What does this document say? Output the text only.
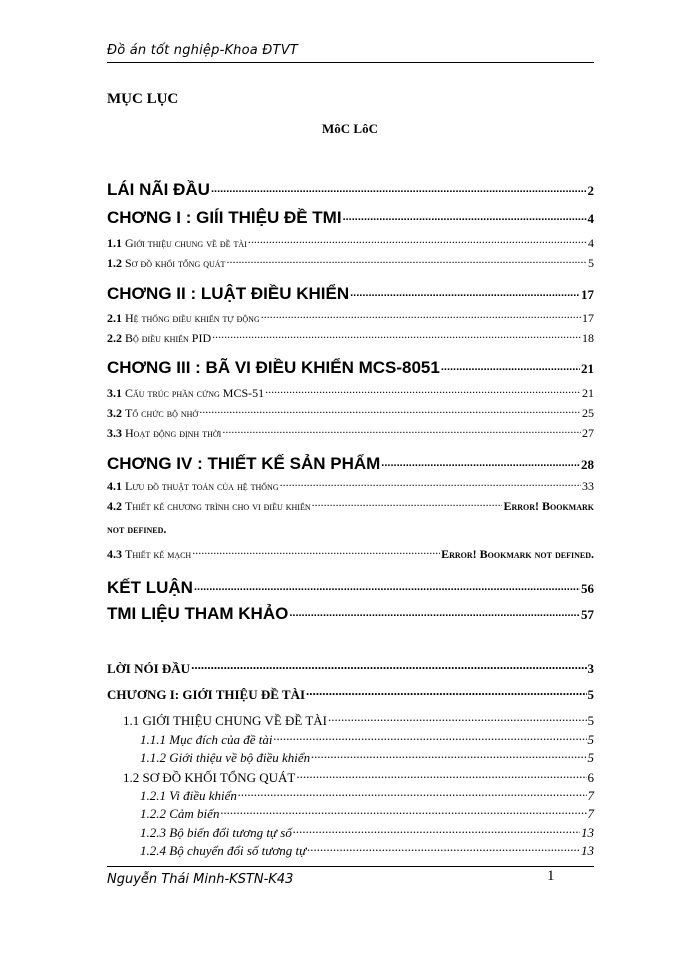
Đồ án tốt nghiệp-Khoa ĐTVT
MỤC LỤC
MôC LôC
LÁI NÃI ĐẦU .....	2
CHƠNG I : GIÍI THIỆU ĐỀ TMI .....	4
1.1 Giới thiệu chung về đề tài .....	4
1.2 Sơ đồ khối tổng quát .....	5
CHƠNG II : LUẬT ĐIỀU KHIỂN .....	17
2.1 Hệ thống điều khiển tự động .....	17
2.2 Bộ điều khiển PID .....	18
CHƠNG III : BÃ VI ĐIỀU KHIỂN MCS-8051 .....	21
3.1 Cấu trúc phần cứng MCS-51 .....	21
3.2 Tổ chức bộ nhớ .....	25
3.3 Hoạt động định thời .....	27
CHƠNG IV : THIẾT KẾ SẢN PHẨM .....	28
4.1 Lưu đồ thuật toán của hệ thống .....	33
4.2 Thiết kế chương trình cho vi điều khiển .....	Error! Bookmark
not defined.
4.3 Thiết kế mạch .....	Error! Bookmark not defined.
KẾT LUẬN .....	56
TMI LIỆU THAM KHẢO .....	57
LỜI NÓI ĐẦU .....	3
CHƯƠNG I: GIỚI THIỆU ĐỀ TÀI .....	5
1.1 GIỚI THIỆU CHUNG VỀ ĐỀ TÀI .....	5
1.1.1 Mục đích của đề tài .....	5
1.1.2 Giới thiệu về bộ điều khiển .....	5
1.2 SƠ ĐỒ KHỐI TỔNG QUÁT .....	6
1.2.1 Vi điều khiển .....	7
1.2.2 Cảm biến .....	7
1.2.3 Bộ biến đổi tương tự số .....	13
1.2.4 Bộ chuyển đổi số tương tự .....	13
Nguyễn Thái Minh-KSTN-K43	1
